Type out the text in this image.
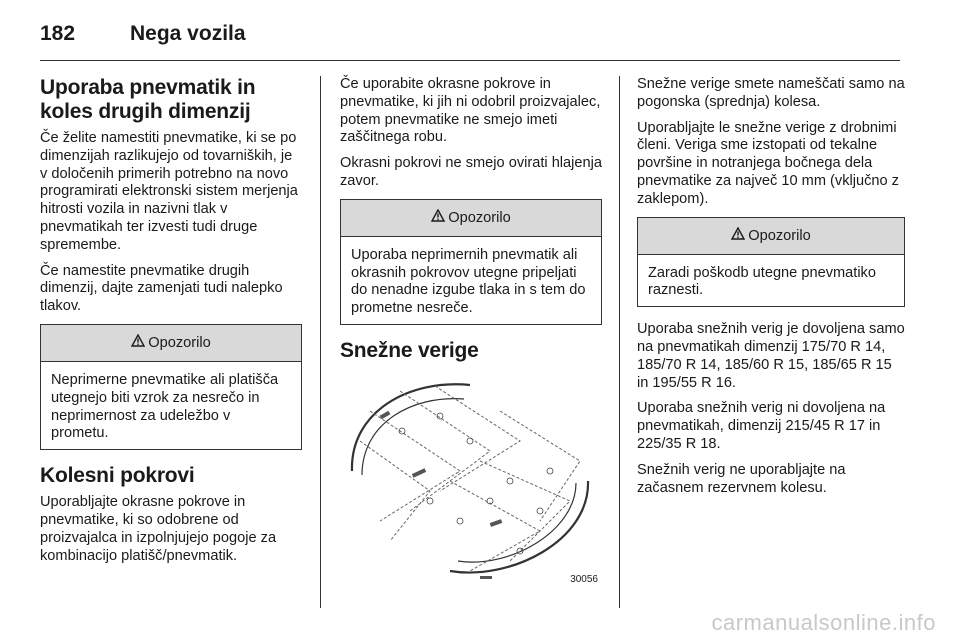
182	Nega vozila
Uporaba pnevmatik in koles drugih dimenzij

Če želite namestiti pnevmatike, ki se po dimenzijah razlikujejo od tovarniških, je v določenih primerih potrebno na novo programirati elektronski sistem merjenja hitrosti vozila in nazivni tlak v pnevmatikah ter izvesti tudi druge spremembe.

Če namestite pnevmatike drugih dimenzij, dajte zamenjati tudi nalepko tlakov.

Opozorilo

Neprimerne pnevmatike ali platišča utegnejo biti vzrok za nesrečo in neprimernost za udeležbo v prometu.

Kolesni pokrovi

Uporabljajte okrasne pokrove in pnevmatike, ki so odobrene od proizvajalca in izpolnjujejo pogoje za kombinacijo platišč/pnevmatik.

Če uporabite okrasne pokrove in pnevmatike, ki jih ni odobril proizvajalec, potem pnevmatike ne smejo imeti zaščitnega robu.

Okrasni pokrovi ne smejo ovirati hlajenja zavor.

Opozorilo

Uporaba neprimernih pnevmatik ali okrasnih pokrovov utegne pripeljati do nenadne izgube tlaka in s tem do prometne nesreče.

Snežne verige
30056

Snežne verige smete nameščati samo na pogonska (sprednja) kolesa.

Uporabljajte le snežne verige z drobnimi členi. Veriga sme izstopati od tekalne površine in notranjega bočnega dela pnevmatike za največ 10 mm (vključno z zaklepom).

Opozorilo

Zaradi poškodb utegne pnevmatiko raznesti.

Uporaba snežnih verig je dovoljena samo na pnevmatikah dimenzij 175/70 R 14, 185/70 R 14, 185/60 R 15, 185/65 R 15 in 195/55 R 16.

Uporaba snežnih verig ni dovoljena na pnevmatikah, dimenzij 215/45 R 17 in 225/35 R 18.

Snežnih verig ne uporabljajte na začasnem rezervnem kolesu.

carmanualsonline.info
